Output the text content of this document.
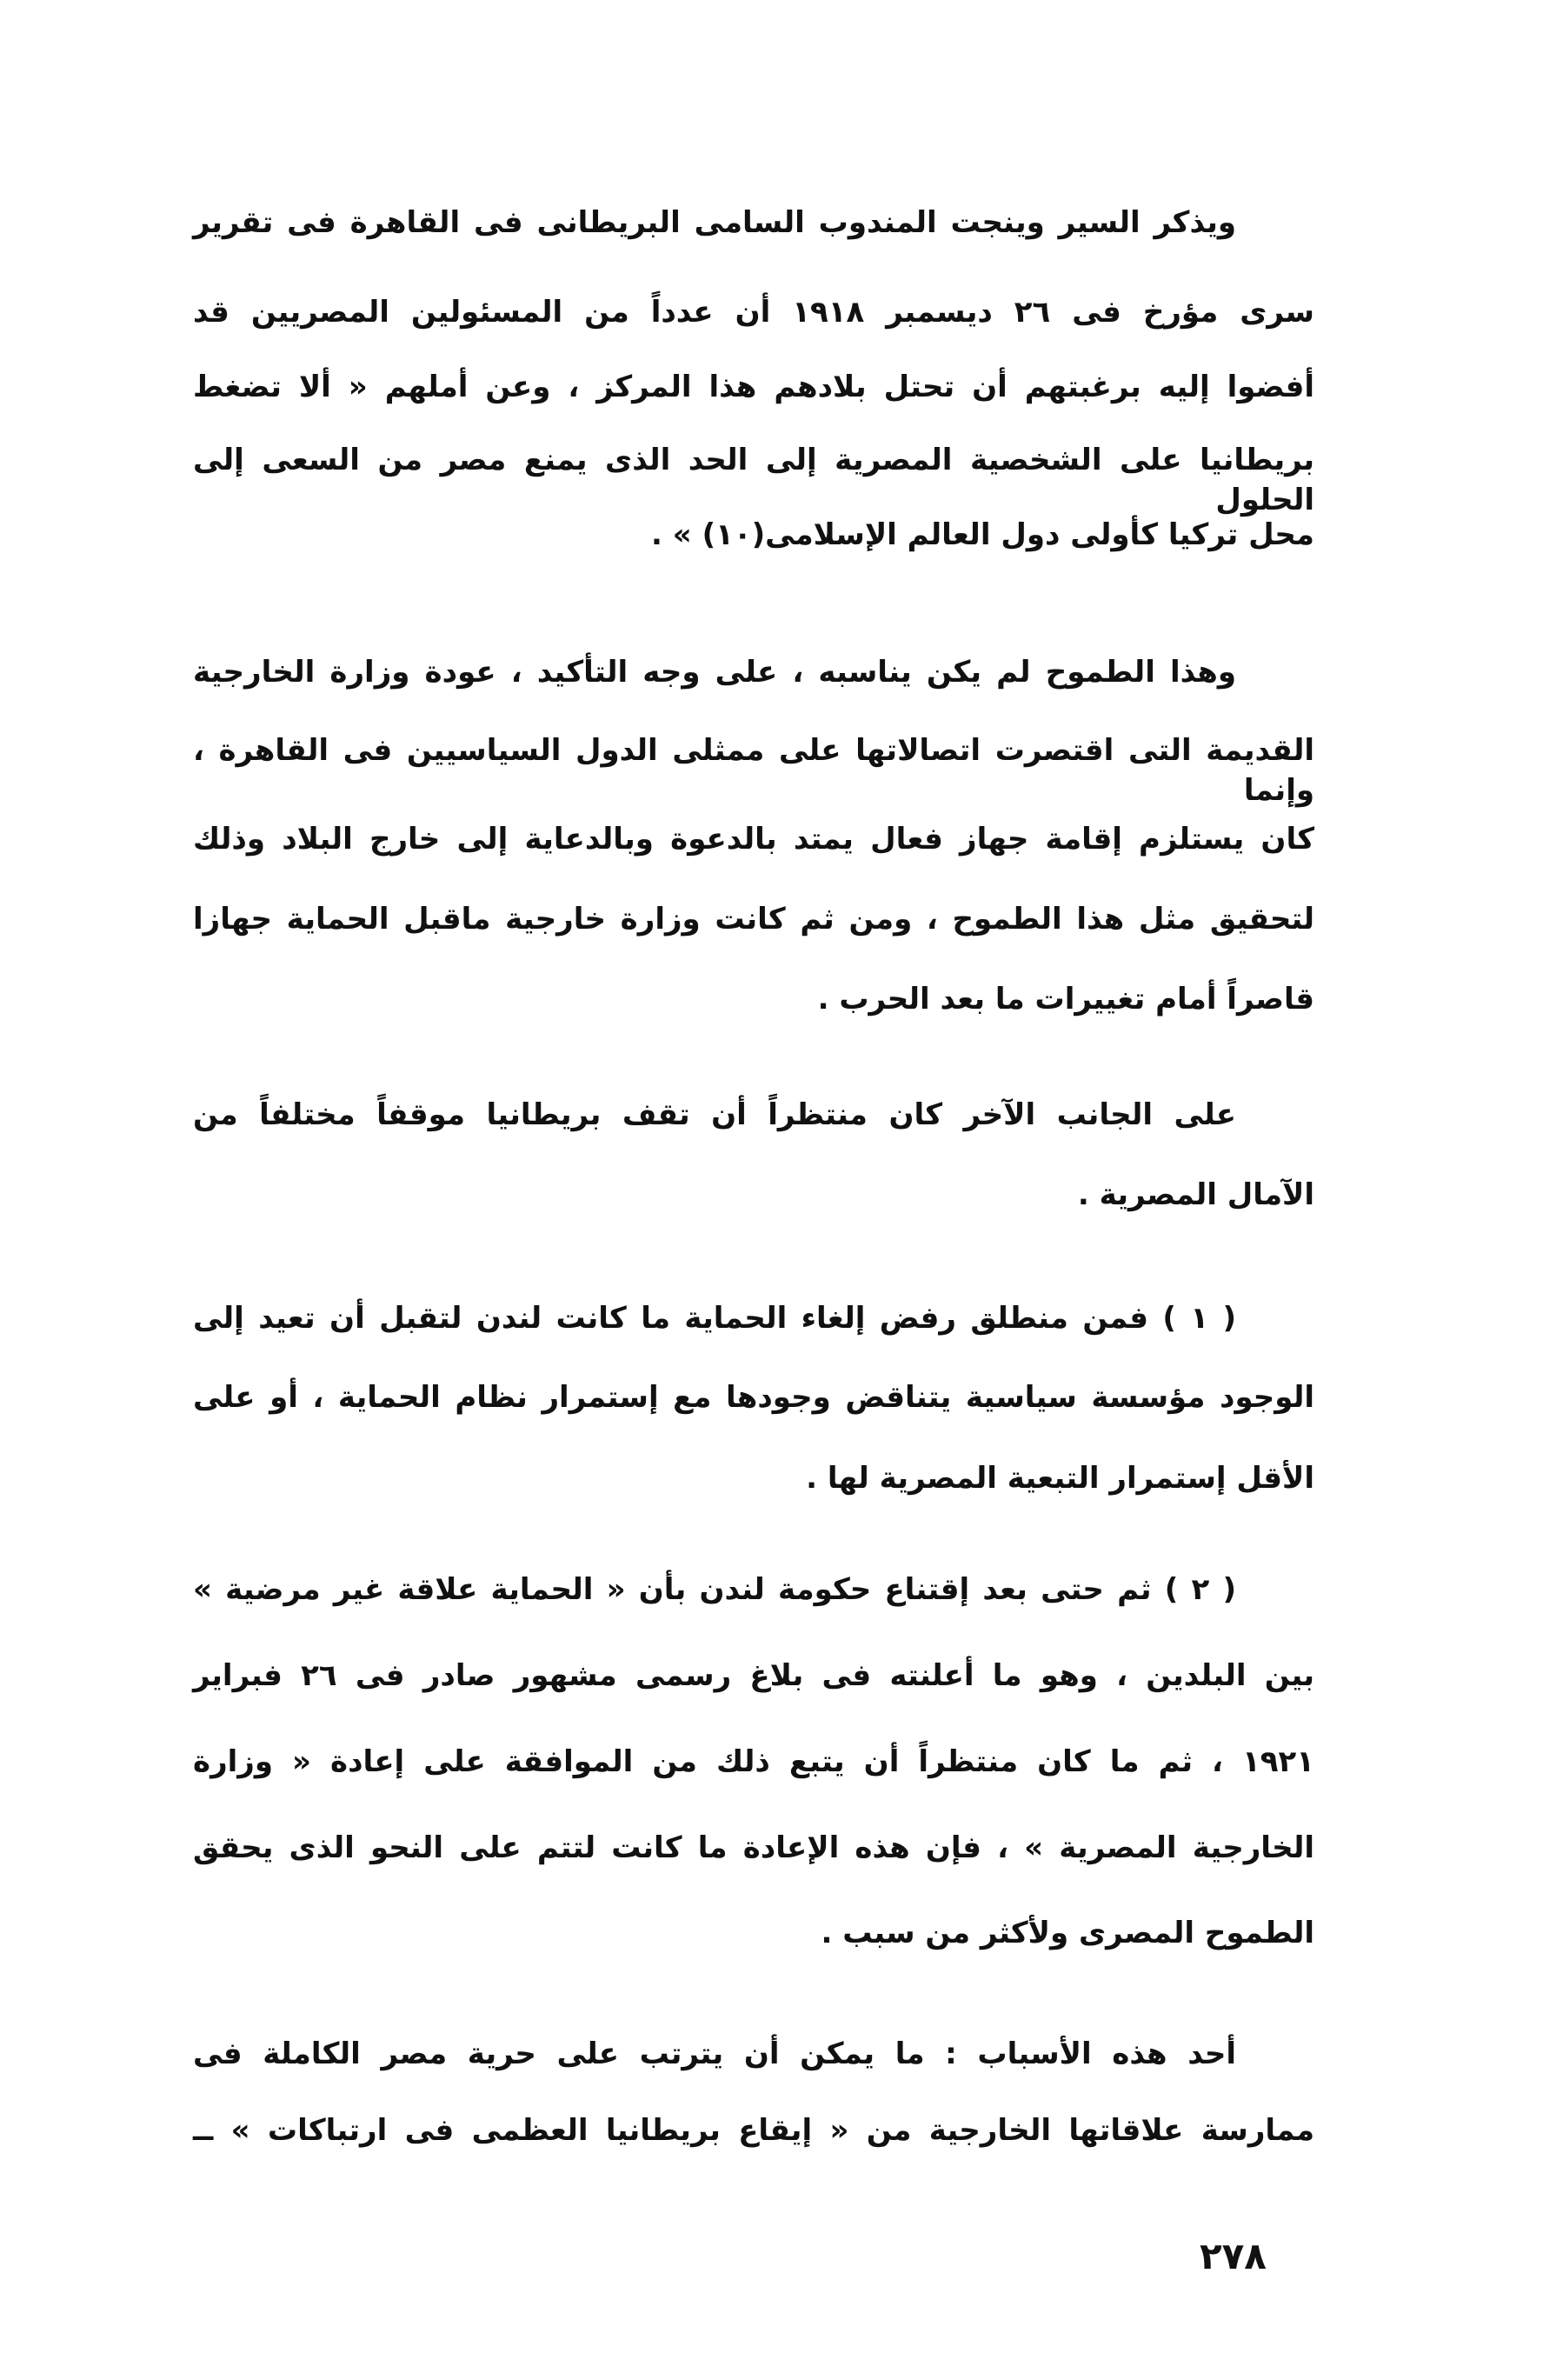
ويذكر السير وينجت المندوب السامى البريطانى فى القاهرة فى تقرير
سرى مؤرخ فى ٢٦ ديسمبر ١٩١٨ أن عدداً من المسئولين المصريين قد
أفضوا إليه برغبتهم أن تحتل بلادهم هذا المركز ، وعن أملهم « ألا تضغط
بريطانيا على الشخصية المصرية إلى الحد الذى يمنع مصر من السعى إلى الحلول
محل تركيا كأولى دول العالم الإسلامى(١٠) » .
وهذا الطموح لم يكن يناسبه ، على وجه التأكيد ، عودة وزارة الخارجية
القديمة التى اقتصرت اتصالاتها على ممثلى الدول السياسيين فى القاهرة ، وإنما
كان يستلزم إقامة جهاز فعال يمتد بالدعوة وبالدعاية إلى خارج البلاد وذلك
لتحقيق مثل هذا الطموح ، ومن ثم كانت وزارة خارجية ماقبل الحماية جهازا
قاصراً أمام تغييرات ما بعد الحرب .
على الجانب الآخر كان منتظراً أن تقف بريطانيا موقفاً مختلفاً من
الآمال المصرية .
( ١ ) فمن منطلق رفض إلغاء الحماية ما كانت لندن لتقبل أن تعيد إلى
الوجود مؤسسة سياسية يتناقض وجودها مع إستمرار نظام الحماية ، أو على
الأقل إستمرار التبعية المصرية لها .
( ٢ ) ثم حتى بعد إقتناع حكومة لندن بأن « الحماية علاقة غير مرضية »
بين البلدين ، وهو ما أعلنته فى بلاغ رسمى مشهور صادر فى ٢٦ فبراير
١٩٢١ ، ثم ما كان منتظراً أن يتبع ذلك من الموافقة على إعادة « وزارة
الخارجية المصرية » ، فإن هذه الإعادة ما كانت لتتم على النحو الذى يحقق
الطموح المصرى ولأكثر من سبب .
أحد هذه الأسباب : ما يمكن أن يترتب على حرية مصر الكاملة فى
ممارسة علاقاتها الخارجية من « إيقاع بريطانيا العظمى فى ارتباكات » ــ
٢٧٨
